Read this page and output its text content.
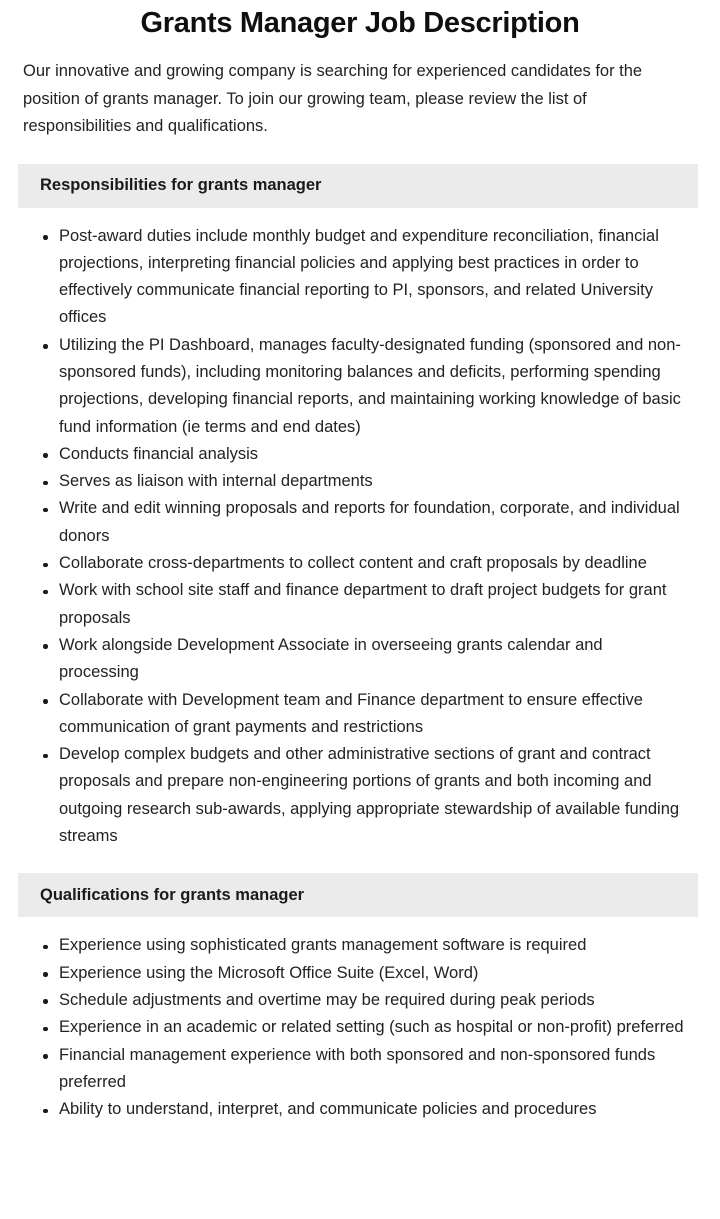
Grants Manager Job Description

Our innovative and growing company is searching for experienced candidates for the position of grants manager. To join our growing team, please review the list of responsibilities and qualifications.

Responsibilities for grants manager
Post-award duties include monthly budget and expenditure reconciliation, financial projections, interpreting financial policies and applying best practices in order to effectively communicate financial reporting to PI, sponsors, and related University offices
Utilizing the PI Dashboard, manages faculty-designated funding (sponsored and non-sponsored funds), including monitoring balances and deficits, performing spending projections, developing financial reports, and maintaining working knowledge of basic fund information (ie terms and end dates)
Conducts financial analysis
Serves as liaison with internal departments
Write and edit winning proposals and reports for foundation, corporate, and individual donors
Collaborate cross-departments to collect content and craft proposals by deadline
Work with school site staff and finance department to draft project budgets for grant proposals
Work alongside Development Associate in overseeing grants calendar and processing
Collaborate with Development team and Finance department to ensure effective communication of grant payments and restrictions
Develop complex budgets and other administrative sections of grant and contract proposals and prepare non-engineering portions of grants and both incoming and outgoing research sub-awards, applying appropriate stewardship of available funding streams
Qualifications for grants manager
Experience using sophisticated grants management software is required
Experience using the Microsoft Office Suite (Excel, Word)
Schedule adjustments and overtime may be required during peak periods
Experience in an academic or related setting (such as hospital or non-profit) preferred
Financial management experience with both sponsored and non-sponsored funds preferred
Ability to understand, interpret, and communicate policies and procedures
